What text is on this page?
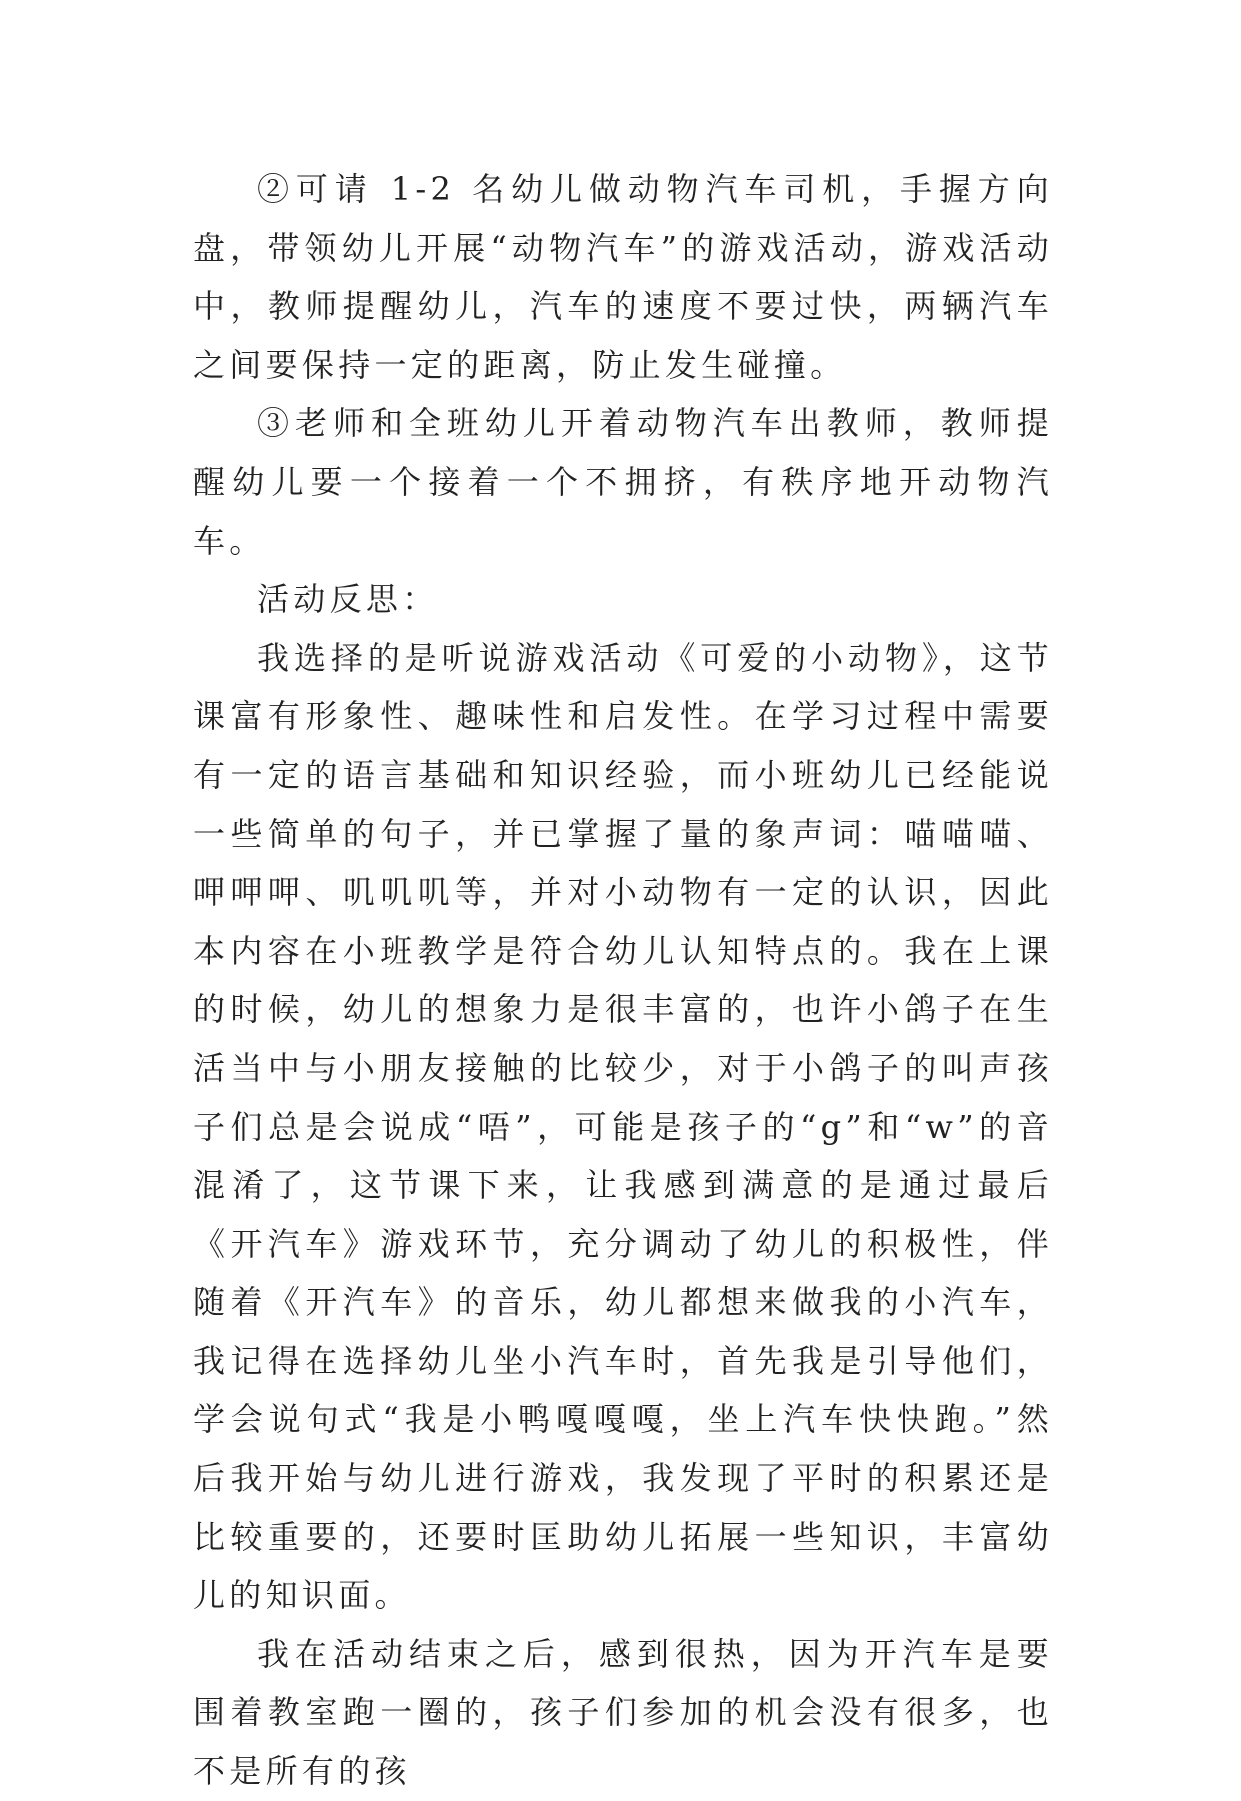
②可请 1-2 名幼儿做动物汽车司机，手握方向盘，带领幼儿开展“动物汽车”的游戏活动，游戏活动中，教师提醒幼儿，汽车的速度不要过快，两辆汽车之间要保持一定的距离，防止发生碰撞。

③老师和全班幼儿开着动物汽车出教师，教师提醒幼儿要一个接着一个不拥挤，有秩序地开动物汽车。

活动反思：

我选择的是听说游戏活动《可爱的小动物》，这节课富有形象性、趣味性和启发性。在学习过程中需要有一定的语言基础和知识经验，而小班幼儿已经能说一些简单的句子，并已掌握了量的象声词：喵喵喵、呷呷呷、叽叽叽等，并对小动物有一定的认识，因此本内容在小班教学是符合幼儿认知特点的。我在上课的时候，幼儿的想象力是很丰富的，也许小鸽子在生活当中与小朋友接触的比较少，对于小鸽子的叫声孩子们总是会说成“唔”，可能是孩子的“g”和“w”的音混淆了，这节课下来，让我感到满意的是通过最后《开汽车》游戏环节，充分调动了幼儿的积极性，伴随着《开汽车》的音乐，幼儿都想来做我的小汽车，我记得在选择幼儿坐小汽车时，首先我是引导他们，学会说句式“我是小鸭嘎嘎嘎，坐上汽车快快跑。”然后我开始与幼儿进行游戏，我发现了平时的积累还是比较重要的，还要时匡助幼儿拓展一些知识，丰富幼儿的知识面。

我在活动结束之后，感到很热，因为开汽车是要围着教室跑一圈的，孩子们参加的机会没有很多，也不是所有的孩
